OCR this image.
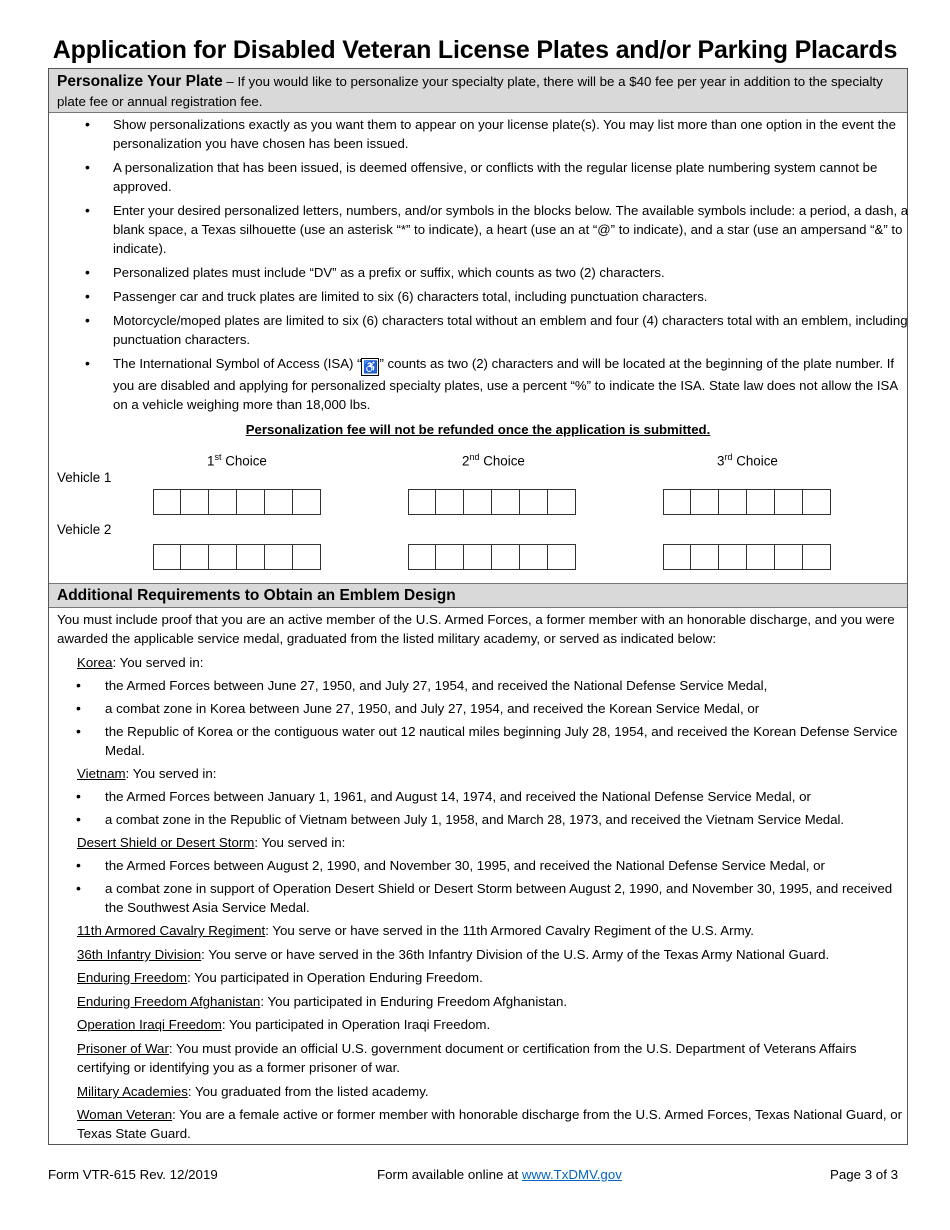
Application for Disabled Veteran License Plates and/or Parking Placards
Personalize Your Plate – If you would like to personalize your specialty plate, there will be a $40 fee per year in addition to the specialty plate fee or annual registration fee.
• Show personalizations exactly as you want them to appear on your license plate(s). You may list more than one option in the event the personalization you have chosen has been issued.
• A personalization that has been issued, is deemed offensive, or conflicts with the regular license plate numbering system cannot be approved.
• Enter your desired personalized letters, numbers, and/or symbols in the blocks below. The available symbols include: a period, a dash, a blank space, a Texas silhouette (use an asterisk “*” to indicate), a heart (use an at “@” to indicate), and a star (use an ampersand “&” to indicate).
• Personalized plates must include “DV” as a prefix or suffix, which counts as two (2) characters.
• Passenger car and truck plates are limited to six (6) characters total, including punctuation characters.
• Motorcycle/moped plates are limited to six (6) characters total without an emblem and four (4) characters total with an emblem, including punctuation characters.
• The International Symbol of Access (ISA) “ ♿ ” counts as two (2) characters and will be located at the beginning of the plate number. If you are disabled and applying for personalized specialty plates, use a percent “%” to indicate the ISA. State law does not allow the ISA on a vehicle weighing more than 18,000 lbs.
Personalization fee will not be refunded once the application is submitted.
1st Choice	2nd Choice	3rd Choice
Vehicle 1
Vehicle 2
Additional Requirements to Obtain an Emblem Design
You must include proof that you are an active member of the U.S. Armed Forces, a former member with an honorable discharge, and you were awarded the applicable service medal, graduated from the listed military academy, or served as indicated below:
Korea: You served in:
• the Armed Forces between June 27, 1950, and July 27, 1954, and received the National Defense Service Medal,
• a combat zone in Korea between June 27, 1950, and July 27, 1954, and received the Korean Service Medal, or
• the Republic of Korea or the contiguous water out 12 nautical miles beginning July 28, 1954, and received the Korean Defense Service Medal.
Vietnam: You served in:
• the Armed Forces between January 1, 1961, and August 14, 1974, and received the National Defense Service Medal, or
• a combat zone in the Republic of Vietnam between July 1, 1958, and March 28, 1973, and received the Vietnam Service Medal.
Desert Shield or Desert Storm: You served in:
• the Armed Forces between August 2, 1990, and November 30, 1995, and received the National Defense Service Medal, or
• a combat zone in support of Operation Desert Shield or Desert Storm between August 2, 1990, and November 30, 1995, and received the Southwest Asia Service Medal.
11th Armored Cavalry Regiment: You serve or have served in the 11th Armored Cavalry Regiment of the U.S. Army.
36th Infantry Division: You serve or have served in the 36th Infantry Division of the U.S. Army of the Texas Army National Guard.
Enduring Freedom: You participated in Operation Enduring Freedom.
Enduring Freedom Afghanistan: You participated in Enduring Freedom Afghanistan.
Operation Iraqi Freedom: You participated in Operation Iraqi Freedom.
Prisoner of War: You must provide an official U.S. government document or certification from the U.S. Department of Veterans Affairs certifying or identifying you as a former prisoner of war.
Military Academies: You graduated from the listed academy.
Woman Veteran: You are a female active or former member with honorable discharge from the U.S. Armed Forces, Texas National Guard, or Texas State Guard.
Form VTR-615 Rev. 12/2019	Form available online at www.TxDMV.gov	Page 3 of 3
